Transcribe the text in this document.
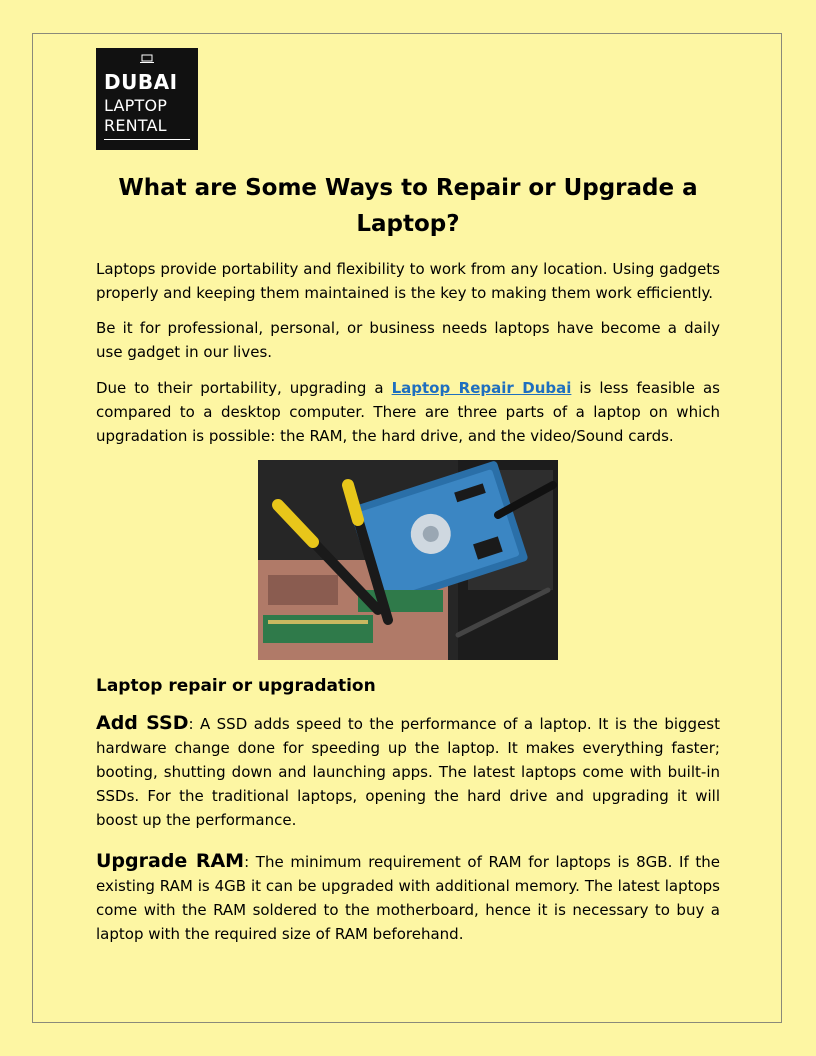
DUBAI
LAPTOP
RENTAL
What are Some Ways to Repair or Upgrade a
Laptop?

Laptops provide portability and flexibility to work from any location. Using gadgets properly and keeping them maintained is the key to making them work efficiently.

Be it for professional, personal, or business needs laptops have become a daily use gadget in our lives.

Due to their portability, upgrading a Laptop Repair Dubai is less feasible as compared to a desktop computer. There are three parts of a laptop on which upgradation is possible: the RAM, the hard drive, and the video/Sound cards.

Laptop repair or upgradation

Add SSD: A SSD adds speed to the performance of a laptop. It is the biggest hardware change done for speeding up the laptop. It makes everything faster; booting, shutting down and launching apps. The latest laptops come with built-in SSDs. For the traditional laptops, opening the hard drive and upgrading it will boost up the performance.

Upgrade RAM: The minimum requirement of RAM for laptops is 8GB. If the existing RAM is 4GB it can be upgraded with additional memory. The latest laptops come with the RAM soldered to the motherboard, hence it is necessary to buy a laptop with the required size of RAM beforehand.
